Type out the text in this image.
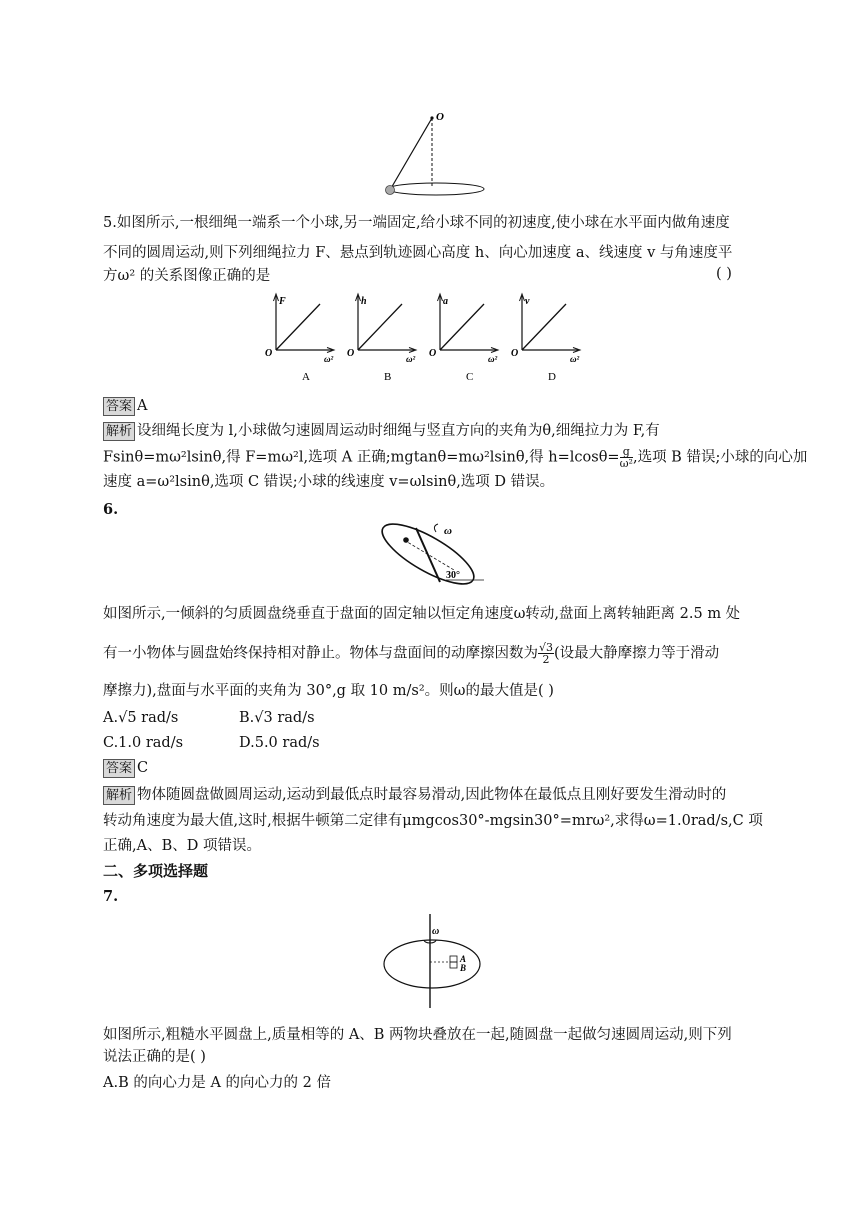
O
5.如图所示,一根细绳一端系一个小球,另一端固定,给小球不同的初速度,使小球在水平面内做角速度
不同的圆周运动,则下列细绳拉力 F、悬点到轨迹圆心高度 h、向心加速度 a、线速度 v 与角速度平
方ω² 的关系图像正确的是	( )
F
ω²
O
A
h
ω²
O
B
a
ω²
O
C
v
ω²
O
D
答案 A
解析 设细绳长度为 l,小球做匀速圆周运动时细绳与竖直方向的夹角为θ,细绳拉力为 F,有
Fsinθ=mω²lsinθ,得 F=mω²l,选项 A 正确;mgtanθ=mω²lsinθ,得 $h=lcos\theta= \frac{g}{\text{ω²}}$ ,选项 B 错误;小球的向心加
速度 a=ω²lsinθ,选项 C 错误;小球的线速度 v=ωlsinθ,选项 D 错误。
6.
ω
30°
如图所示,一倾斜的匀质圆盘绕垂直于盘面的固定轴以恒定角速度ω转动,盘面上离转轴距离 2.5 m 处
有一小物体与圆盘始终保持相对静止。物体与盘面间的动摩擦因数为 $\frac{√3}{2}$ (设最大静摩擦力等于滑动
摩擦力),盘面与水平面的夹角为 30°,g 取 10 m/s²。则ω的最大值是( )
A.√5 rad/s	B.√3 rad/s
C.1.0 rad/s	D.5.0 rad/s
答案 C
解析 物体随圆盘做圆周运动,运动到最低点时最容易滑动,因此物体在最低点且刚好要发生滑动时的
转动角速度为最大值,这时,根据牛顿第二定律有μmgcos30°-mgsin30°=mrω²,求得ω=1.0rad/s,C 项
正确,A、B、D 项错误。
二、多项选择题
7.
ω
A
B
如图所示,粗糙水平圆盘上,质量相等的 A、B 两物块叠放在一起,随圆盘一起做匀速圆周运动,则下列
说法正确的是( )
A.B 的向心力是 A 的向心力的 2 倍
